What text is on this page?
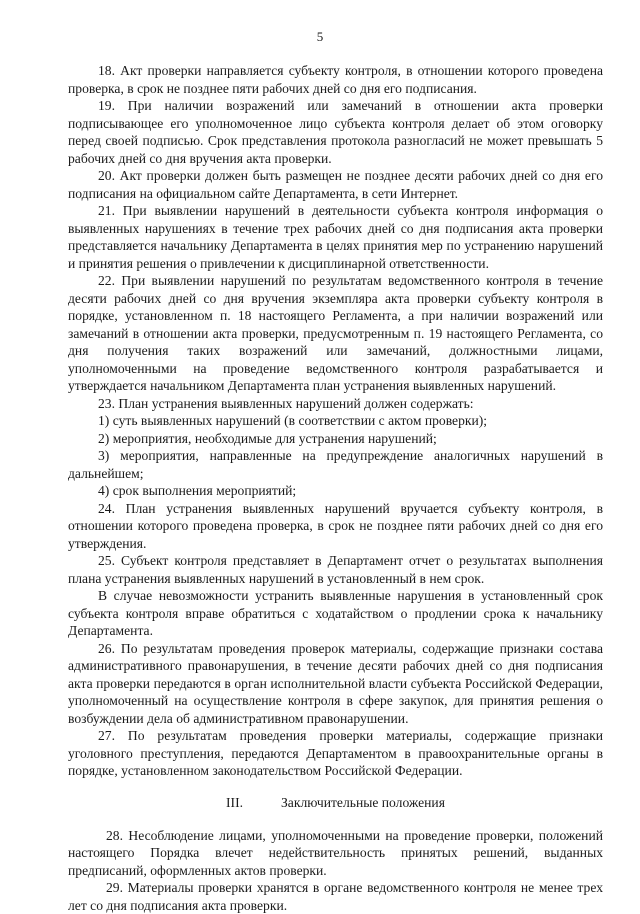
5

18. Акт проверки направляется субъекту контроля, в отношении которого проведена проверка, в срок не позднее пяти рабочих дней со дня его подписания.

19. При наличии возражений или замечаний в отношении акта проверки подписывающее его уполномоченное лицо субъекта контроля делает об этом оговорку перед своей подписью. Срок представления протокола разногласий не может превышать 5 рабочих дней со дня вручения акта проверки.

20. Акт проверки должен быть размещен не позднее десяти рабочих дней со дня его подписания на официальном сайте Департамента, в сети Интернет.

21. При выявлении нарушений в деятельности субъекта контроля информация о выявленных нарушениях в течение трех рабочих дней со дня подписания акта проверки представляется начальнику Департамента в целях принятия мер по устранению нарушений и принятия решения о привлечении к дисциплинарной ответственности.

22. При выявлении нарушений по результатам ведомственного контроля в течение десяти рабочих дней со дня вручения экземпляра акта проверки субъекту контроля в порядке, установленном п. 18 настоящего Регламента, а при наличии возражений или замечаний в отношении акта проверки, предусмотренным п. 19 настоящего Регламента, со дня получения таких возражений или замечаний, должностными лицами, уполномоченными на проведение ведомственного контроля разрабатывается и утверждается начальником Департамента план устранения выявленных нарушений.

23. План устранения выявленных нарушений должен содержать:

1) суть выявленных нарушений (в соответствии с актом проверки);

2) мероприятия, необходимые для устранения нарушений;

3) мероприятия, направленные на предупреждение аналогичных нарушений в дальнейшем;

4) срок выполнения мероприятий;

24. План устранения выявленных нарушений вручается субъекту контроля, в отношении которого проведена проверка, в срок не позднее пяти рабочих дней со дня его утверждения.

25. Субъект контроля представляет в Департамент отчет о результатах выполнения плана устранения выявленных нарушений в установленный в нем срок.

В случае невозможности устранить выявленные нарушения в установленный срок субъекта контроля вправе обратиться с ходатайством о продлении срока к начальнику Департамента.

26. По результатам проведения проверок материалы, содержащие признаки состава административного правонарушения, в течение десяти рабочих дней со дня подписания акта проверки передаются в орган исполнительной власти субъекта Российской Федерации, уполномоченный на осуществление контроля в сфере закупок, для принятия решения о возбуждении дела об административном правонарушении.

27. По результатам проведения проверки материалы, содержащие признаки уголовного преступления, передаются Департаментом в правоохранительные органы в порядке, установленном законодательством Российской Федерации.

III.	Заключительные положения

28. Несоблюдение лицами, уполномоченными на проведение проверки, положений настоящего Порядка влечет недействительность принятых решений, выданных предписаний, оформленных актов проверки.

29. Материалы проверки хранятся в органе ведомственного контроля не менее трех лет со дня подписания акта проверки.
